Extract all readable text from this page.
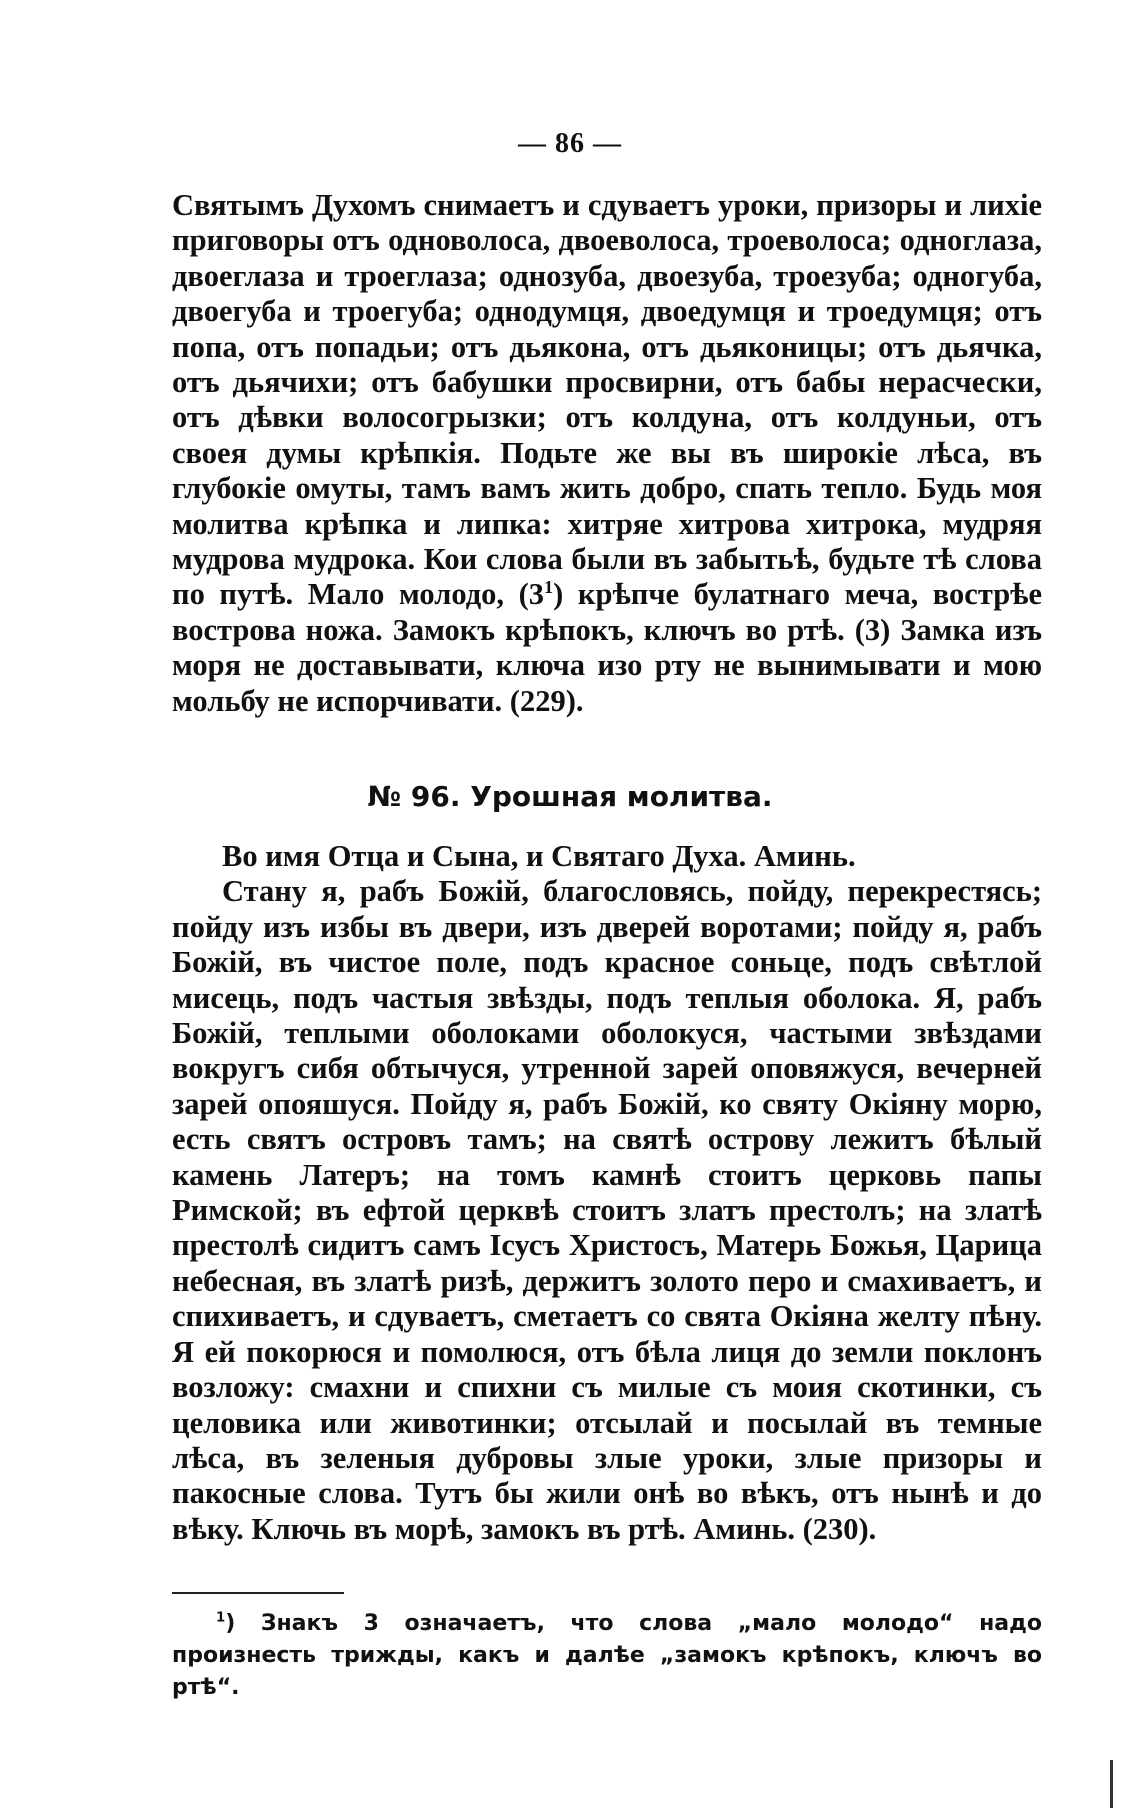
— 86 —

Святымъ Духомъ снимаетъ и сдуваетъ уроки, призоры и лихіе приговоры отъ одноволоса, двоеволоса, троеволоса; одноглаза, двоеглаза и троеглаза; однозуба, двоезуба, троезуба; одногуба, двоегуба и троегуба; однодумця, двоедумця и троедумця; отъ попа, отъ попадьи; отъ дьякона, отъ дьяконицы; отъ дьячка, отъ дьячихи; отъ бабушки просвирни, отъ бабы нерасчески, отъ дѣвки волосогрызки; отъ колдуна, отъ колдуньи, отъ своея думы крѣпкія. Подьте же вы въ широкіе лѣса, въ глубокіе омуты, тамъ вамъ жить добро, спать тепло. Будь моя молитва крѣпка и липка: хитряе хитрова хитрока, мудряя мудрова мудрока. Кои слова были въ забытьѣ, будьте тѣ слова по путѣ. Мало молодо, $(3^1)$ крѣпче булатнаго меча, вострѣе вострова ножа. Замокъ крѣпокъ, ключъ во ртѣ. (3) Замка изъ моря не доставывати, ключа изо рту не вынимывати и мою мольбу не испорчивати. (229).

№ 96. Урошная молитва.

Во имя Отца и Сына, и Святаго Духа. Аминь.

Стану я, рабъ Божій, благословясь, пойду, перекрестясь; пойду изъ избы въ двери, изъ дверей воротами; пойду я, рабъ Божій, въ чистое поле, подъ красное соньце, подъ свѣтлой мисець, подъ частыя звѣзды, подъ теплыя оболока. Я, рабъ Божій, теплыми оболоками оболокуся, частыми звѣздами вокругъ сибя обтычуся, утренной зарей оповяжуся, вечерней зарей опояшуся. Пойду я, рабъ Божій, ко святу Окіяну морю, есть святъ островъ тамъ; на святѣ острову лежитъ бѣлый камень Латеръ; на томъ камнѣ стоитъ церковь папы Римской; въ ефтой церквѣ стоитъ златъ престолъ; на златѣ престолѣ сидитъ самъ Ісусъ Христосъ, Матерь Божья, Царица небесная, въ златѣ ризѣ, держитъ золото перо и смахиваетъ, и спихиваетъ, и сдуваетъ, сметаетъ со свята Окіяна желту пѣну. Я ей покорюся и помолюся, отъ бѣла лиця до земли поклонъ возложу: смахни и спихни съ милые съ моия скотинки, съ целовика или животинки; отсылай и посылай въ темные лѣса, въ зеленыя дубровы злые уроки, злые призоры и пакосные слова. Тутъ бы жили онѣ во вѣкъ, отъ нынѣ и до вѣку. Ключь въ морѣ, замокъ въ ртѣ. Аминь. (230).

$^1$) Знакъ 3 означаетъ, что слова „мало молодо“ надо произнесть трижды, какъ и далѣе „замокъ крѣпокъ, ключъ во ртѣ“.
